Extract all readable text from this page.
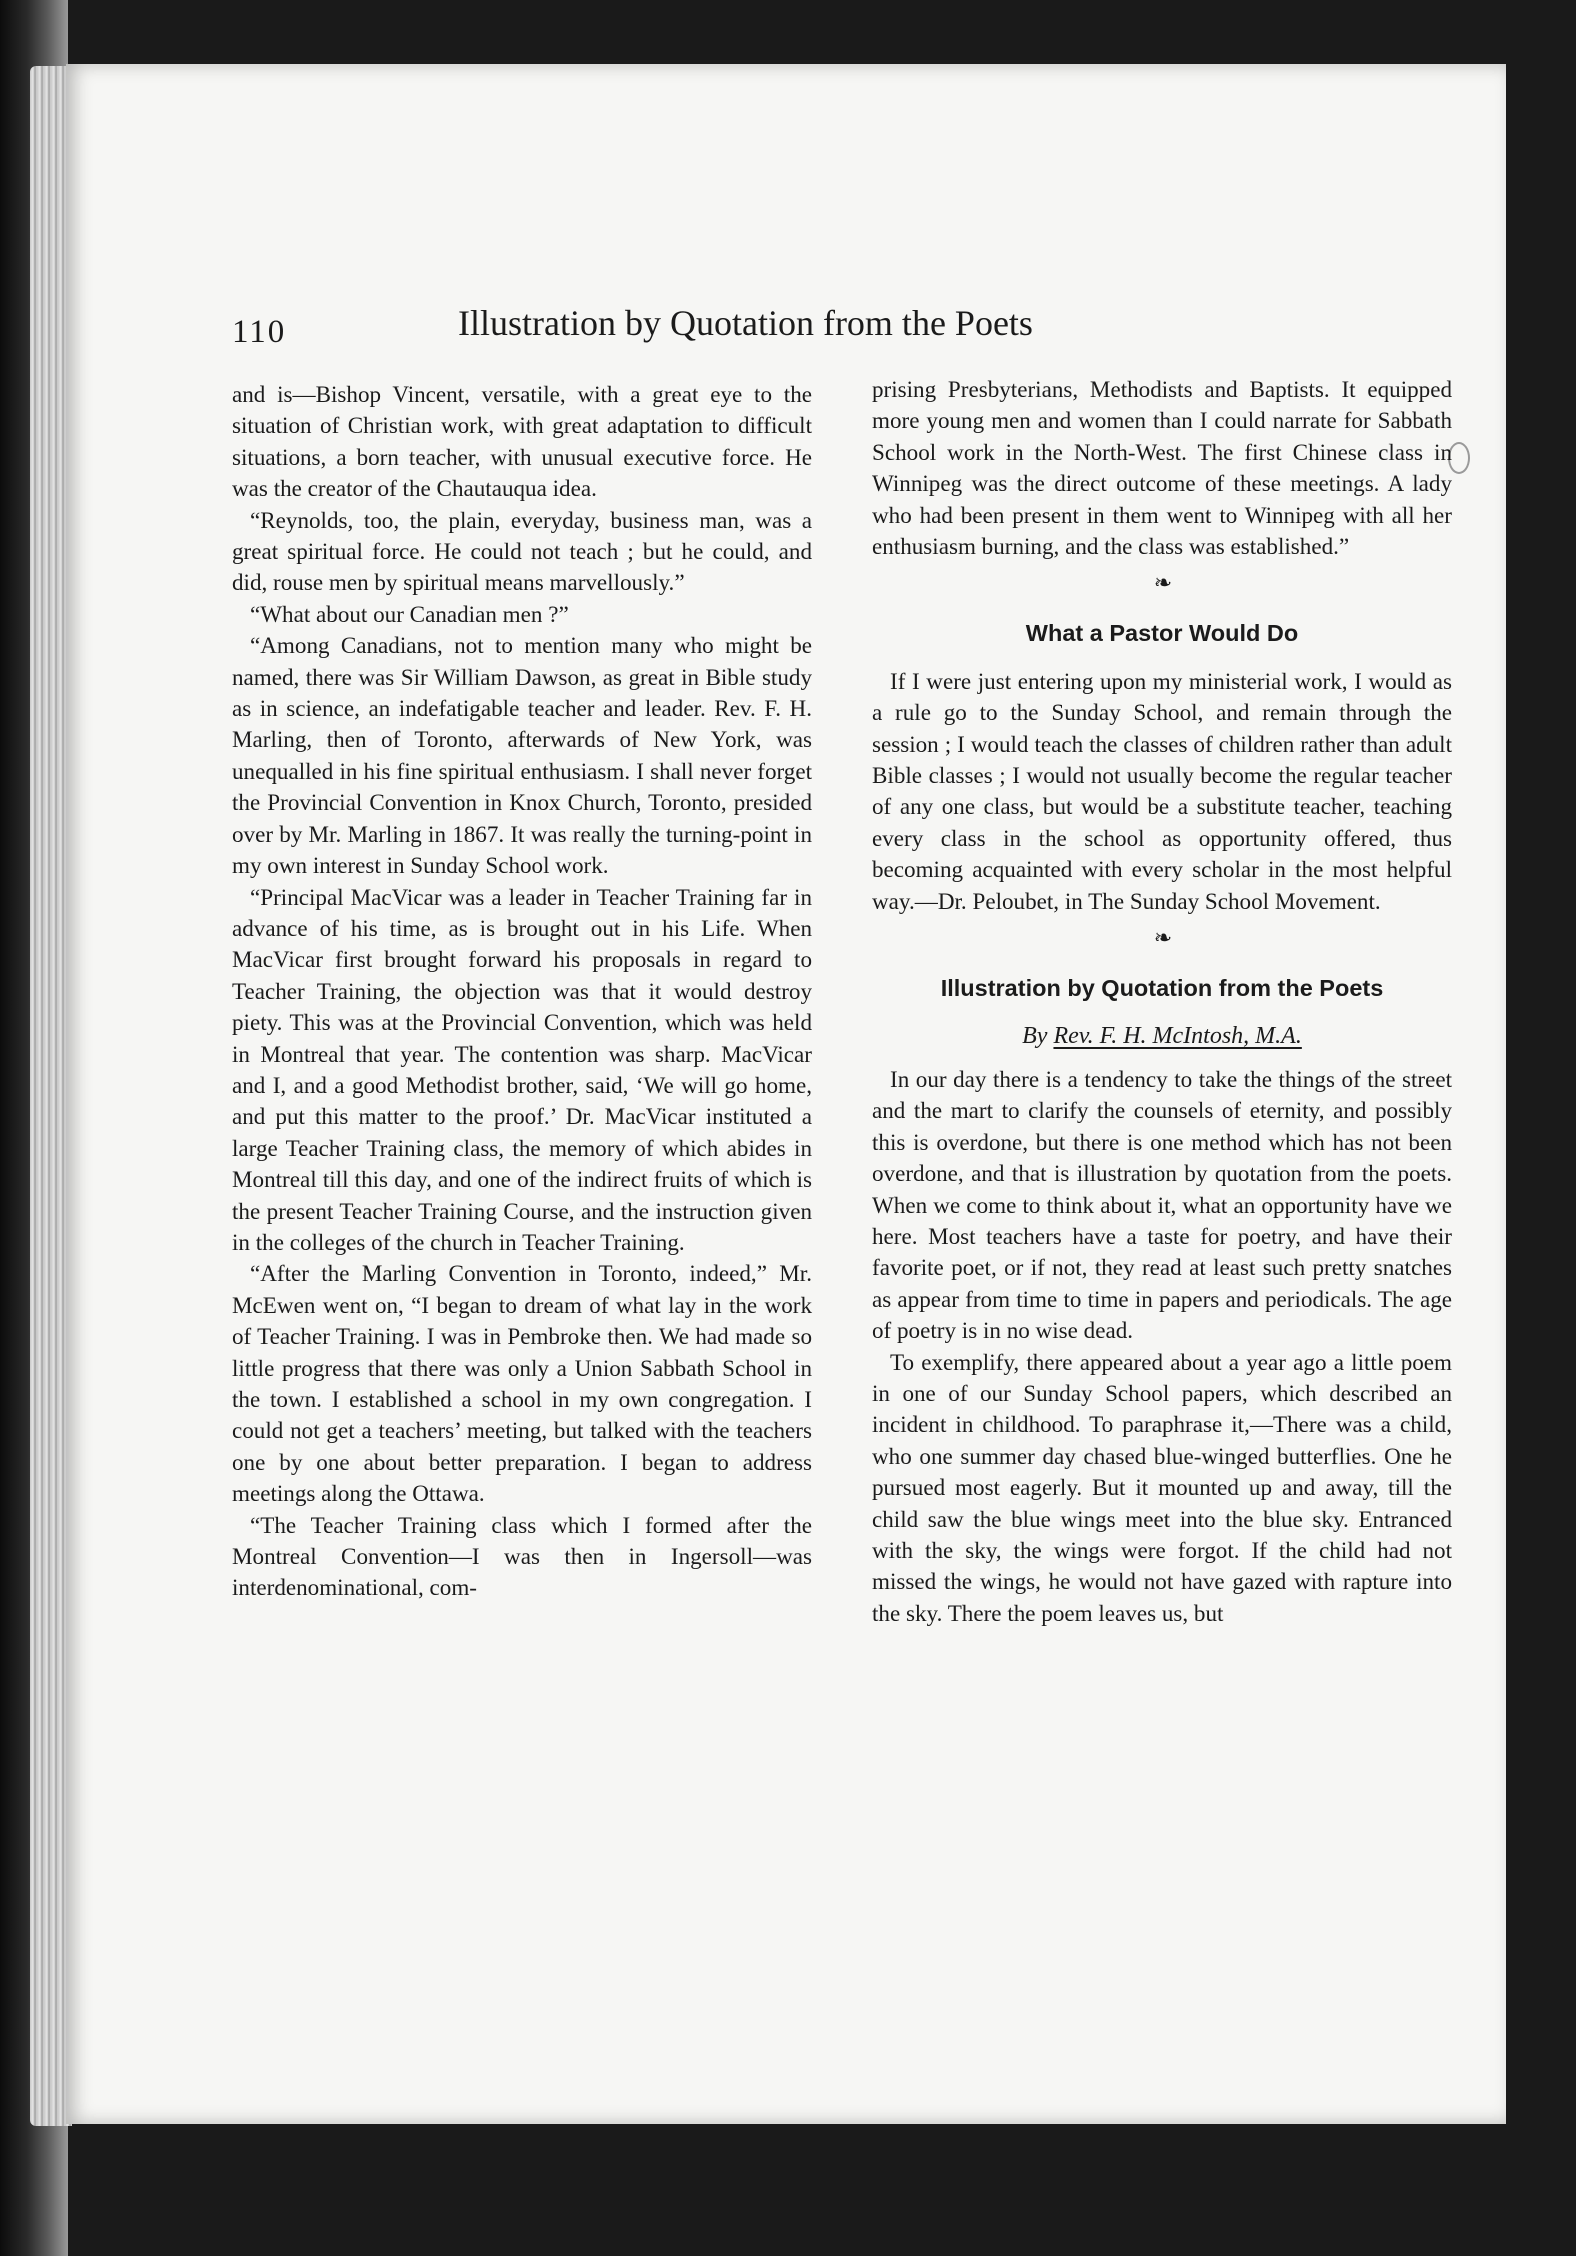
110	Illustration by Quotation from the Poets

and is—Bishop Vincent, versatile, with a great eye to the situation of Christian work, with great adaptation to difficult situations, a born teacher, with unusual executive force. He was the creator of the Chautauqua idea.

“Reynolds, too, the plain, everyday, business man, was a great spiritual force. He could not teach ; but he could, and did, rouse men by spiritual means marvellously.”

“What about our Canadian men ?”

“Among Canadians, not to mention many who might be named, there was Sir William Dawson, as great in Bible study as in science, an indefatigable teacher and leader. Rev. F. H. Marling, then of Toronto, afterwards of New York, was unequalled in his fine spiritual enthusiasm. I shall never forget the Provincial Convention in Knox Church, Toronto, presided over by Mr. Marling in 1867. It was really the turning-point in my own interest in Sunday School work.

“Principal MacVicar was a leader in Teacher Training far in advance of his time, as is brought out in his Life. When MacVicar first brought forward his proposals in regard to Teacher Training, the objection was that it would destroy piety. This was at the Provincial Convention, which was held in Montreal that year. The contention was sharp. MacVicar and I, and a good Methodist brother, said, ‘We will go home, and put this matter to the proof.’ Dr. MacVicar instituted a large Teacher Training class, the memory of which abides in Montreal till this day, and one of the indirect fruits of which is the present Teacher Training Course, and the instruction given in the colleges of the church in Teacher Training.

“After the Marling Convention in Toronto, indeed,” Mr. McEwen went on, “I began to dream of what lay in the work of Teacher Training. I was in Pembroke then. We had made so little progress that there was only a Union Sabbath School in the town. I established a school in my own congregation. I could not get a teachers’ meeting, but talked with the teachers one by one about better preparation. I began to address meetings along the Ottawa.

“The Teacher Training class which I formed after the Montreal Convention—I was then in Ingersoll—was interdenominational, com-

prising Presbyterians, Methodists and Baptists. It equipped more young men and women than I could narrate for Sabbath School work in the North-West. The first Chinese class in Winnipeg was the direct outcome of these meetings. A lady who had been present in them went to Winnipeg with all her enthusiasm burning, and the class was established.”

❧
What a Pastor Would Do

If I were just entering upon my ministerial work, I would as a rule go to the Sunday School, and remain through the session ; I would teach the classes of children rather than adult Bible classes ; I would not usually become the regular teacher of any one class, but would be a substitute teacher, teaching every class in the school as opportunity offered, thus becoming acquainted with every scholar in the most helpful way.—Dr. Peloubet, in The Sunday School Movement.

❧
Illustration by Quotation from the Poets
By Rev. F. H. McIntosh, M.A.

In our day there is a tendency to take the things of the street and the mart to clarify the counsels of eternity, and possibly this is overdone, but there is one method which has not been overdone, and that is illustration by quotation from the poets. When we come to think about it, what an opportunity have we here. Most teachers have a taste for poetry, and have their favorite poet, or if not, they read at least such pretty snatches as appear from time to time in papers and periodicals. The age of poetry is in no wise dead.

To exemplify, there appeared about a year ago a little poem in one of our Sunday School papers, which described an incident in childhood. To paraphrase it,—There was a child, who one summer day chased blue-winged butterflies. One he pursued most eagerly. But it mounted up and away, till the child saw the blue wings meet into the blue sky. Entranced with the sky, the wings were forgot. If the child had not missed the wings, he would not have gazed with rapture into the sky. There the poem leaves us, but
